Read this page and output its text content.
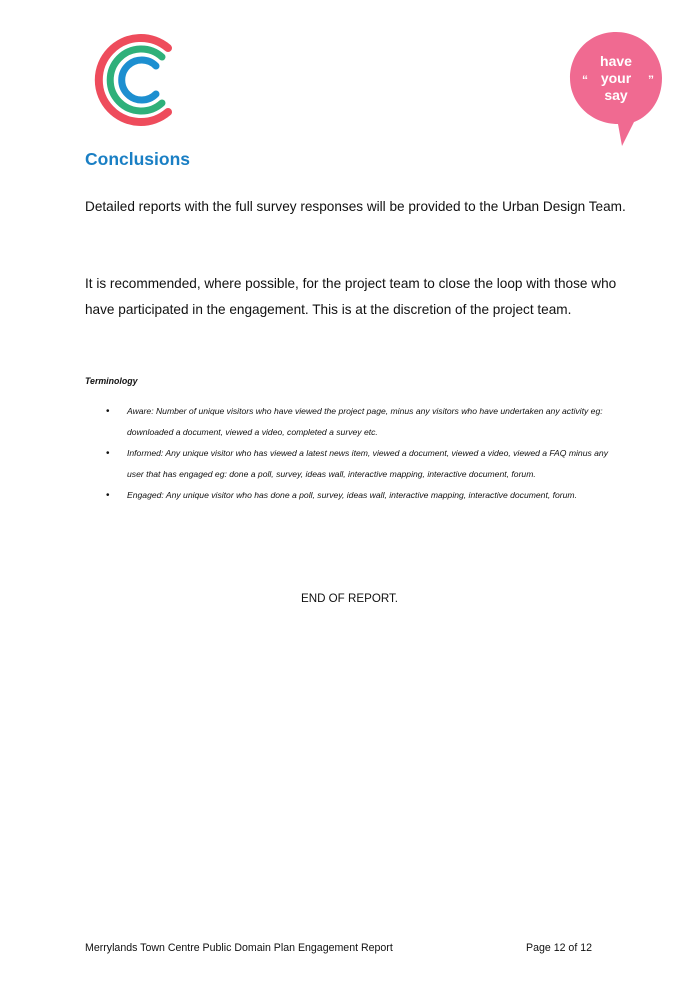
“	”
have
your
say
Conclusions

Detailed reports with the full survey responses will be provided to the Urban Design Team.

It is recommended, where possible, for the project team to close the loop with those who have participated in the engagement. This is at the discretion of the project team.

Terminology

• Aware: Number of unique visitors who have viewed the project page, minus any visitors who have undertaken any activity eg: downloaded a document, viewed a video, completed a survey etc.
• Informed: Any unique visitor who has viewed a latest news item, viewed a document, viewed a video, viewed a FAQ minus any user that has engaged eg: done a poll, survey, ideas wall, interactive mapping, interactive document, forum.
• Engaged: Any unique visitor who has done a poll, survey, ideas wall, interactive mapping, interactive document, forum.

END OF REPORT.

Merrylands Town Centre Public Domain Plan Engagement Report	Page 12 of 12
